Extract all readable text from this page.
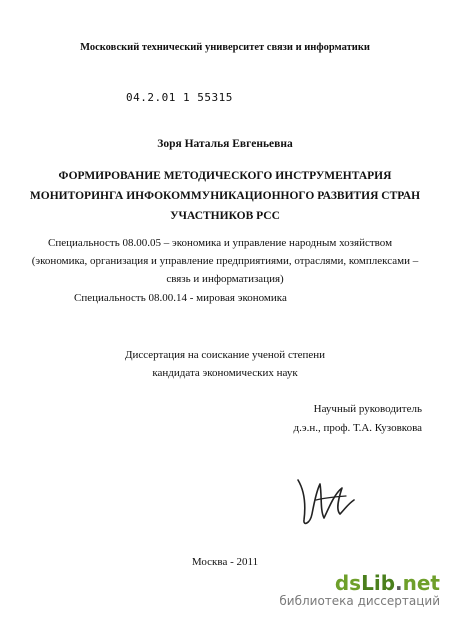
Московский технический университет связи и информатики
04.2.01 1 55315
Зоря Наталья Евгеньевна
ФОРМИРОВАНИЕ МЕТОДИЧЕСКОГО ИНСТРУМЕНТАРИЯ
МОНИТОРИНГА ИНФОКОММУНИКАЦИОННОГО РАЗВИТИЯ СТРАН
УЧАСТНИКОВ РСС
Специальность 08.00.05 – экономика и управление народным хозяйством
(экономика, организация и управление предприятиями, отраслями, комплексами –
связь и информатизация)
Специальность 08.00.14 - мировая экономика
Диссертация на соискание ученой степени
кандидата экономических наук
Научный руководитель
д.э.н., проф. Т.А. Кузовкова
Москва - 2011
dsLib.net
библиотека диссертаций
